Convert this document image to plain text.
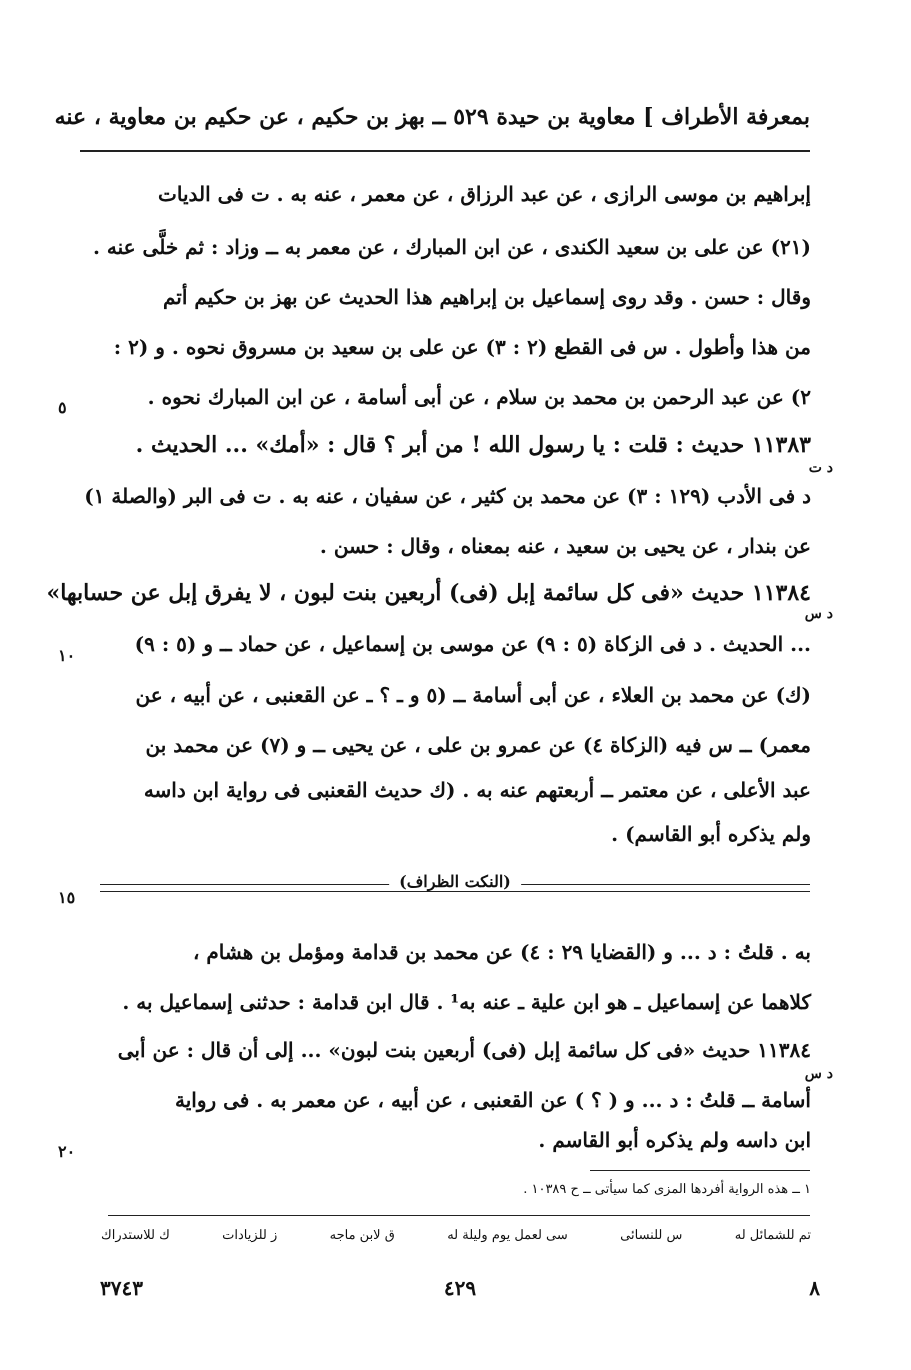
بمعرفة الأطراف ] معاوية بن حيدة ٥٢٩ ــ بهز بن حكيم ، عن حكيم بن معاوية ، عنه
إبراهيم بن موسى الرازى ، عن عبد الرزاق ، عن معمر ، عنه به . ت فى الديات
(٢١) عن على بن سعيد الكندى ، عن ابن المبارك ، عن معمر به ــ وزاد : ثم خلَّى عنه .
وقال : حسن . وقد روى إسماعيل بن إبراهيم هذا الحديث عن بهز بن حكيم أتم
من هذا وأطول . س فى القطع (٢ : ٣) عن على بن سعيد بن مسروق نحوه . و (٢ :
٢) عن عبد الرحمن بن محمد بن سلام ، عن أبى أسامة ، عن ابن المبارك نحوه .
١١٣٨٣ حديث : قلت : يا رسول الله ! من أبر ؟ قال : «أمك» ... الحديث .
د فى الأدب (١٢٩ : ٣) عن محمد بن كثير ، عن سفيان ، عنه به . ت فى البر (والصلة ١)
عن بندار ، عن يحيى بن سعيد ، عنه بمعناه ، وقال : حسن .
١١٣٨٤ حديث «فى كل سائمة إبل (فى) أربعين بنت لبون ، لا يفرق إبل عن حسابها»
... الحديث . د فى الزكاة (٥ : ٩) عن موسى بن إسماعيل ، عن حماد ــ و (٥ : ٩)
(ك) عن محمد بن العلاء ، عن أبى أسامة ــ (٥ و ـ ؟ ـ عن القعنبى ، عن أبيه ، عن
معمر) ــ س فيه (الزكاة ٤) عن عمرو بن على ، عن يحيى ــ و (٧) عن محمد بن
عبد الأعلى ، عن معتمر ــ أربعتهم عنه به . (ك حديث القعنبى فى رواية ابن داسه
ولم يذكره أبو القاسم) .
د ت
د س
٥
١٠
١٥
٢٠
(النكت الظراف)
به . قلتُ : د ... و (القضايا ٢٩ : ٤) عن محمد بن قدامة ومؤمل بن هشام ،
كلاهما عن إسماعيل ـ هو ابن علية ـ عنه به¹ . قال ابن قدامة : حدثنى إسماعيل به .
١١٣٨٤ حديث «فى كل سائمة إبل (فى) أربعين بنت لبون» ... إلى أن قال : عن أبى
أسامة ــ قلتُ : د ... و ( ؟ ) عن القعنبى ، عن أبيه ، عن معمر به . فى رواية
ابن داسه ولم يذكره أبو القاسم .
د س
١ ــ هذه الرواية أفردها المزى كما سيأتى ــ ح ١٠٣٨٩ .
تم للشمائل له
س للنسائى
سى لعمل يوم وليلة له
ق لابن ماجه
ز للزيادات
ك للاستدراك
٨
٤٢٩
٣٧٤٣
